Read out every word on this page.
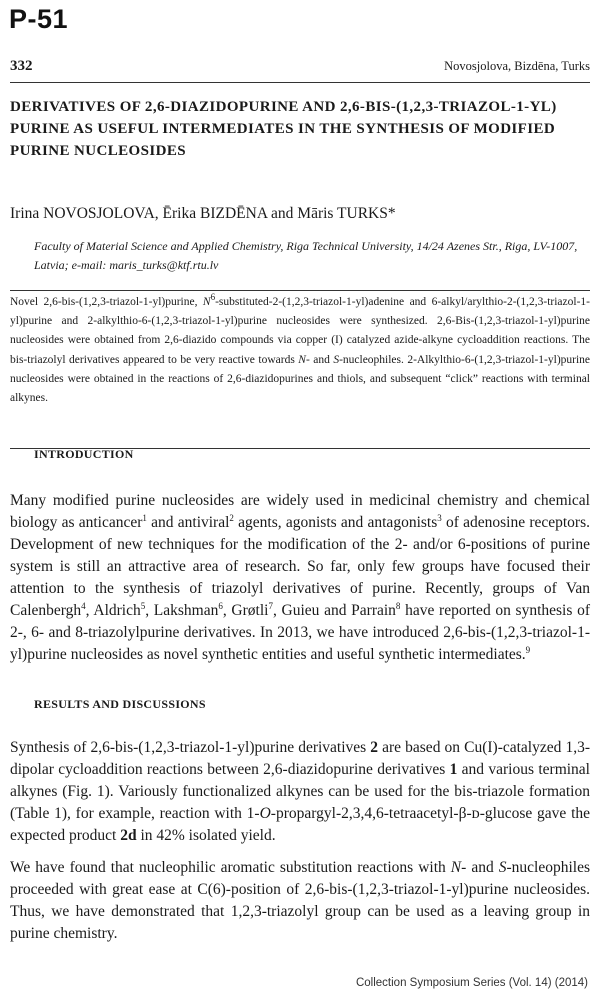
P-51
332	Novosjolova, Bizdēna, Turks
DERIVATIVES OF 2,6-DIAZIDOPURINE AND 2,6-BIS-(1,2,3-TRIAZOL-1-YL) PURINE AS USEFUL INTERMEDIATES IN THE SYNTHESIS OF MODIFIED PURINE NUCLEOSIDES
Irina NOVOSJOLOVA, Ērika BIZDĒNA and Māris TURKS*
Faculty of Material Science and Applied Chemistry, Riga Technical University, 14/24 Azenes Str., Riga, LV-1007, Latvia; e-mail: maris_turks@ktf.rtu.lv
Novel 2,6-bis-(1,2,3-triazol-1-yl)purine, $N^6-substituted-2-(1,2,3-triazol-1-yl)adenine$ and 6-alkyl/arylthio-2-(1,2,3-triazol-1-yl)purine and 2-alkylthio-6-(1,2,3-triazol-1-yl)purine nucleosides were synthesized. 2,6-Bis-(1,2,3-triazol-1-yl)purine nucleosides were obtained from 2,6-diazido compounds via copper (I) catalyzed azide-alkyne cycloaddition reactions. The bis-triazolyl derivatives appeared to be very reactive towards N- and S-nucleophiles. 2-Alkylthio-6-(1,2,3-triazol-1-yl)purine nucleosides were obtained in the reactions of 2,6-diazidopurines and thiols, and subsequent “click” reactions with terminal alkynes.
INTRODUCTION
Many modified purine nucleosides are widely used in medicinal chemistry and chemical biology as anticancer$^1$ and antiviral$^2$ agents, agonists and antagonists$^3$ of adenosine receptors. Development of new techniques for the modification of the 2- and/or 6-positions of purine system is still an attractive area of research. So far, only few groups have focused their attention to the synthesis of triazolyl derivatives of purine. Recently, groups of Van Calenbergh$^4$, Aldrich$^5$, Lakshman$^6$, Grøtli$^7$, Guieu and Parrain$^8$ have reported on synthesis of 2-, 6- and 8-triazolylpurine derivatives. In 2013, we have introduced 2,6-bis-(1,2,3-triazol-1-yl)purine nucleosides as novel synthetic entities and useful synthetic intermediates.$^9$
RESULTS AND DISCUSSIONS
Synthesis of 2,6-bis-(1,2,3-triazol-1-yl)purine derivatives 2 are based on Cu(I)-catalyzed 1,3-dipolar cycloaddition reactions between 2,6-diazidopurine derivatives 1 and various terminal alkynes (Fig. 1). Variously functionalized alkynes can be used for the bis-triazole formation (Table 1), for example, reaction with 1-O-propargyl-2,3,4,6-tetraacetyl-β-ᴅ-glucose gave the expected product 2d in 42% isolated yield.
We have found that nucleophilic aromatic substitution reactions with N- and S-nucleophiles proceeded with great ease at C(6)-position of 2,6-bis-(1,2,3-triazol-1-yl)purine nucleosides. Thus, we have demonstrated that 1,2,3-triazolyl group can be used as a leaving group in purine chemistry.
Collection Symposium Series (Vol. 14) (2014)
